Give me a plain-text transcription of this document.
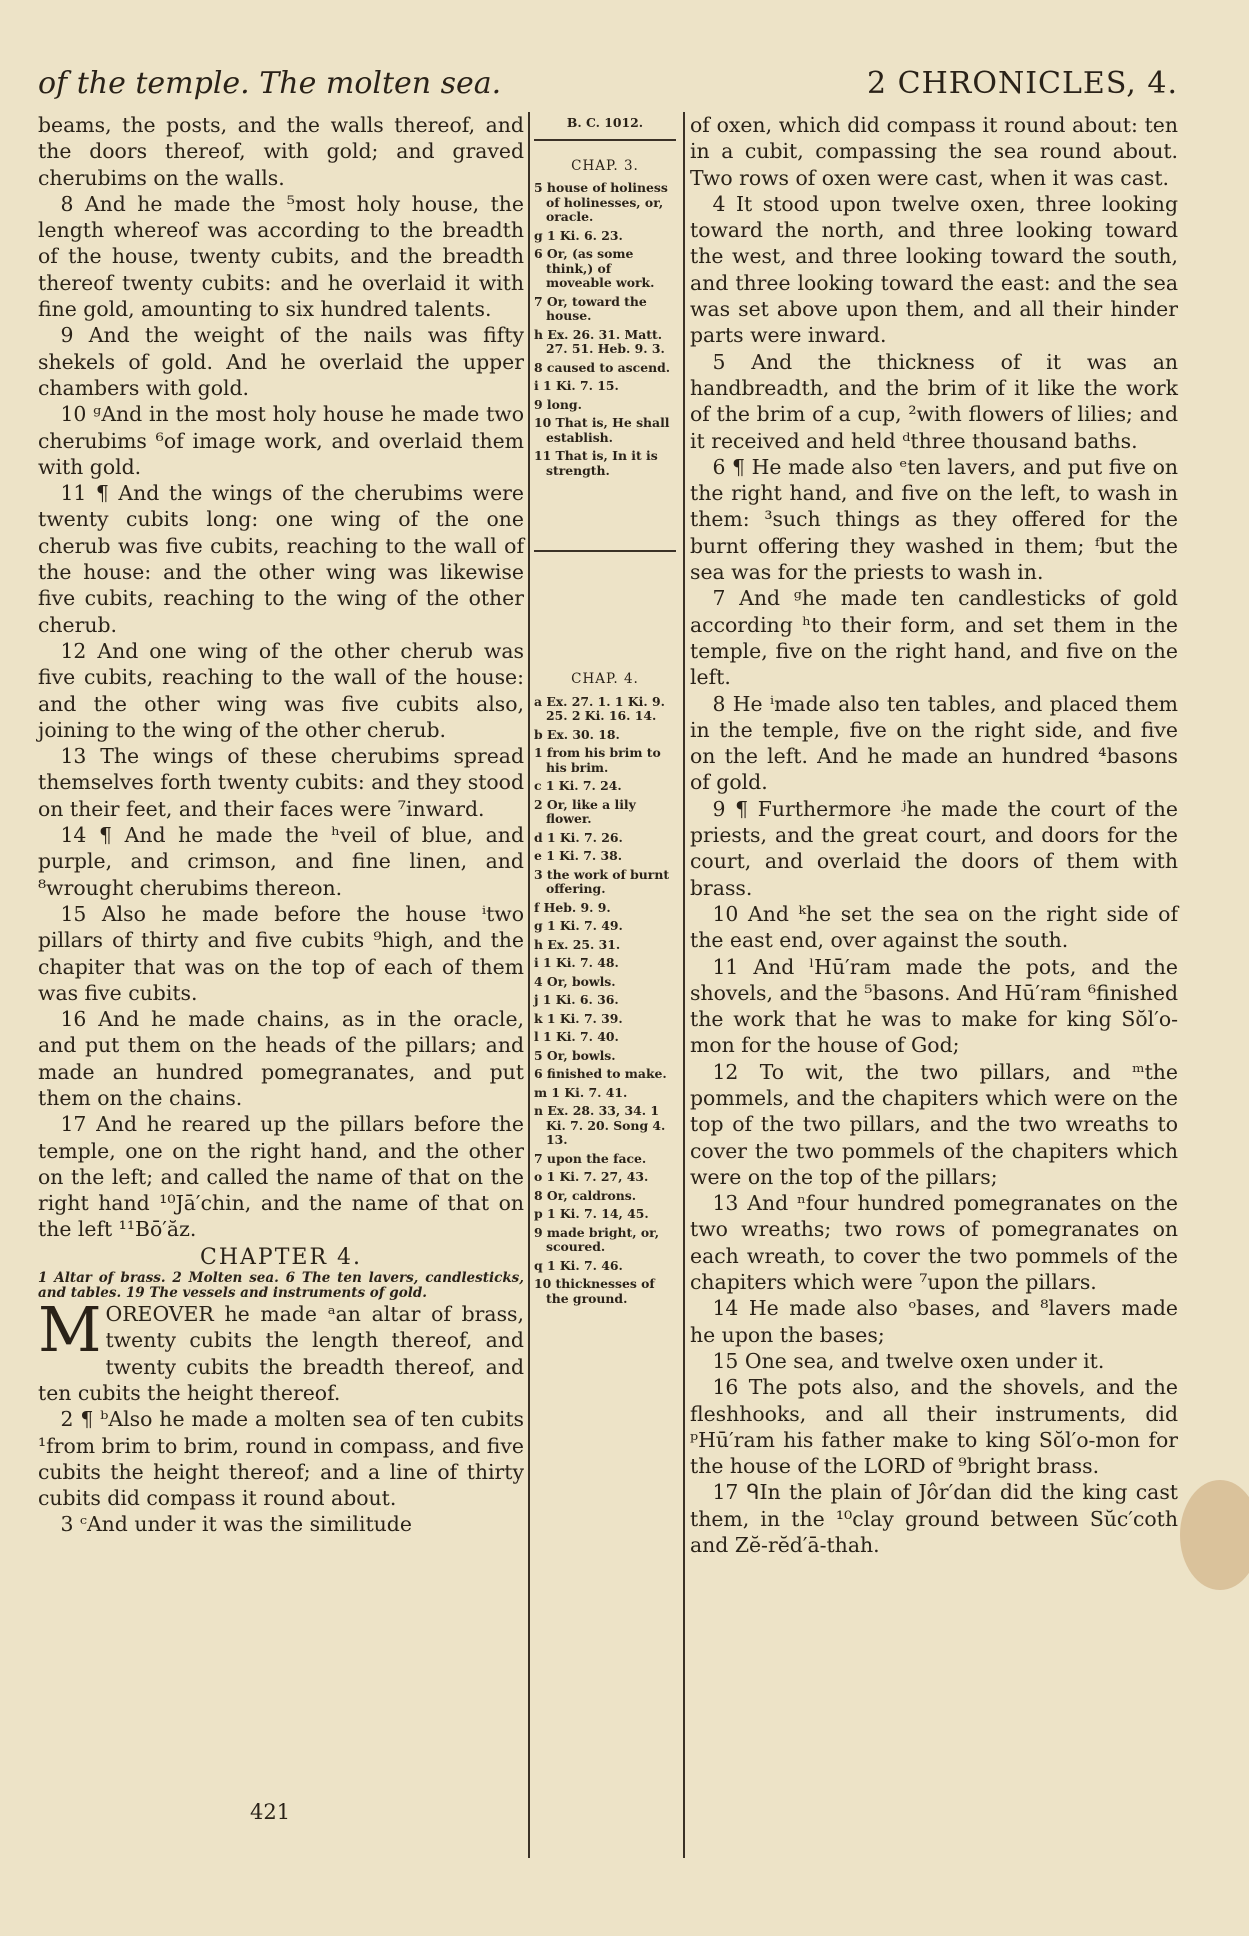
of the temple. The molten sea.	2 CHRONICLES, 4.

beams, the posts, and the walls thereof, and the doors thereof, with gold; and graved cherubims on the walls.

8 And he made the ⁵most holy house, the length whereof was according to the breadth of the house, twenty cubits, and the breadth thereof twenty cubits: and he overlaid it with fine gold, amounting to six hundred talents.

9 And the weight of the nails was fifty shekels of gold. And he overlaid the upper chambers with gold.

10 ᵍAnd in the most holy house he made two cherubims ⁶of image work, and overlaid them with gold.

11 ¶ And the wings of the cherubims were twenty cubits long: one wing of the one cherub was five cubits, reaching to the wall of the house: and the other wing was likewise five cubits, reaching to the wing of the other cherub.

12 And one wing of the other cherub was five cubits, reaching to the wall of the house: and the other wing was five cubits also, joining to the wing of the other cherub.

13 The wings of these cherubims spread themselves forth twenty cubits: and they stood on their feet, and their faces were ⁷inward.

14 ¶ And he made the ʰveil of blue, and purple, and crimson, and fine linen, and ⁸wrought cherubims thereon.

15 Also he made before the house ⁱtwo pillars of thirty and five cubits ⁹high, and the chapiter that was on the top of each of them was five cubits.

16 And he made chains, as in the oracle, and put them on the heads of the pillars; and made an hundred pomegranates, and put them on the chains.

17 And he reared up the pillars before the temple, one on the right hand, and the other on the left; and called the name of that on the right hand ¹⁰Jā′chin, and the name of that on the left ¹¹Bō′ăz.

CHAPTER 4.

1 Altar of brass. 2 Molten sea. 6 The ten lavers, candlesticks, and tables. 19 The vessels and instruments of gold.

MOREOVER he made ᵃan altar of brass, twenty cubits the length thereof, and twenty cubits the breadth thereof, and ten cubits the height thereof.

2 ¶ ᵇAlso he made a molten sea of ten cubits ¹from brim to brim, round in compass, and five cubits the height thereof; and a line of thirty cubits did compass it round about.

3 ᶜAnd under it was the similitude

B. C. 1012.
CHAP. 3.
5 house of holiness of holinesses, or, oracle.
g 1 Ki. 6. 23.
6 Or, (as some think,) of moveable work.
7 Or, toward the house.
h Ex. 26. 31. Matt. 27. 51. Heb. 9. 3.
8 caused to ascend.
i 1 Ki. 7. 15.
9 long.
10 That is, He shall establish.
11 That is, In it is strength.
CHAP. 4.
a Ex. 27. 1. 1 Ki. 9. 25. 2 Ki. 16. 14.
b Ex. 30. 18.
1 from his brim to his brim.
c 1 Ki. 7. 24.
2 Or, like a lily flower.
d 1 Ki. 7. 26.
e 1 Ki. 7. 38.
3 the work of burnt offering.
f Heb. 9. 9.
g 1 Ki. 7. 49.
h Ex. 25. 31.
i 1 Ki. 7. 48.
4 Or, bowls.
j 1 Ki. 6. 36.
k 1 Ki. 7. 39.
l 1 Ki. 7. 40.
5 Or, bowls.
6 finished to make.
m 1 Ki. 7. 41.
n Ex. 28. 33, 34. 1 Ki. 7. 20. Song 4. 13.
7 upon the face.
o 1 Ki. 7. 27, 43.
8 Or, caldrons.
p 1 Ki. 7. 14, 45.
9 made bright, or, scoured.
q 1 Ki. 7. 46.
10 thicknesses of the ground.

of oxen, which did compass it round about: ten in a cubit, compassing the sea round about. Two rows of oxen were cast, when it was cast.

4 It stood upon twelve oxen, three looking toward the north, and three looking toward the west, and three looking toward the south, and three looking toward the east: and the sea was set above upon them, and all their hinder parts were inward.

5 And the thickness of it was an handbreadth, and the brim of it like the work of the brim of a cup, ²with flowers of lilies; and it received and held ᵈthree thousand baths.

6 ¶ He made also ᵉten lavers, and put five on the right hand, and five on the left, to wash in them: ³such things as they offered for the burnt offering they washed in them; ᶠbut the sea was for the priests to wash in.

7 And ᵍhe made ten candlesticks of gold according ʰto their form, and set them in the temple, five on the right hand, and five on the left.

8 He ⁱmade also ten tables, and placed them in the temple, five on the right side, and five on the left. And he made an hundred ⁴basons of gold.

9 ¶ Furthermore ʲhe made the court of the priests, and the great court, and doors for the court, and overlaid the doors of them with brass.

10 And ᵏhe set the sea on the right side of the east end, over against the south.

11 And ˡHū′ram made the pots, and the shovels, and the ⁵basons. And Hū′ram ⁶finished the work that he was to make for king Sŏl′o-mon for the house of God;

12 To wit, the two pillars, and ᵐthe pommels, and the chapiters which were on the top of the two pillars, and the two wreaths to cover the two pommels of the chapiters which were on the top of the pillars;

13 And ⁿfour hundred pomegranates on the two wreaths; two rows of pomegranates on each wreath, to cover the two pommels of the chapiters which were ⁷upon the pillars.

14 He made also ᵒbases, and ⁸lavers made he upon the bases;

15 One sea, and twelve oxen under it.

16 The pots also, and the shovels, and the fleshhooks, and all their instruments, did ᵖHū′ram his father make to king Sŏl′o-mon for the house of the LORD of ⁹bright brass.

17 ᑫIn the plain of Jôr′dan did the king cast them, in the ¹⁰clay ground between Sŭc′coth and Zĕ-rĕd′ā-thah.

421
